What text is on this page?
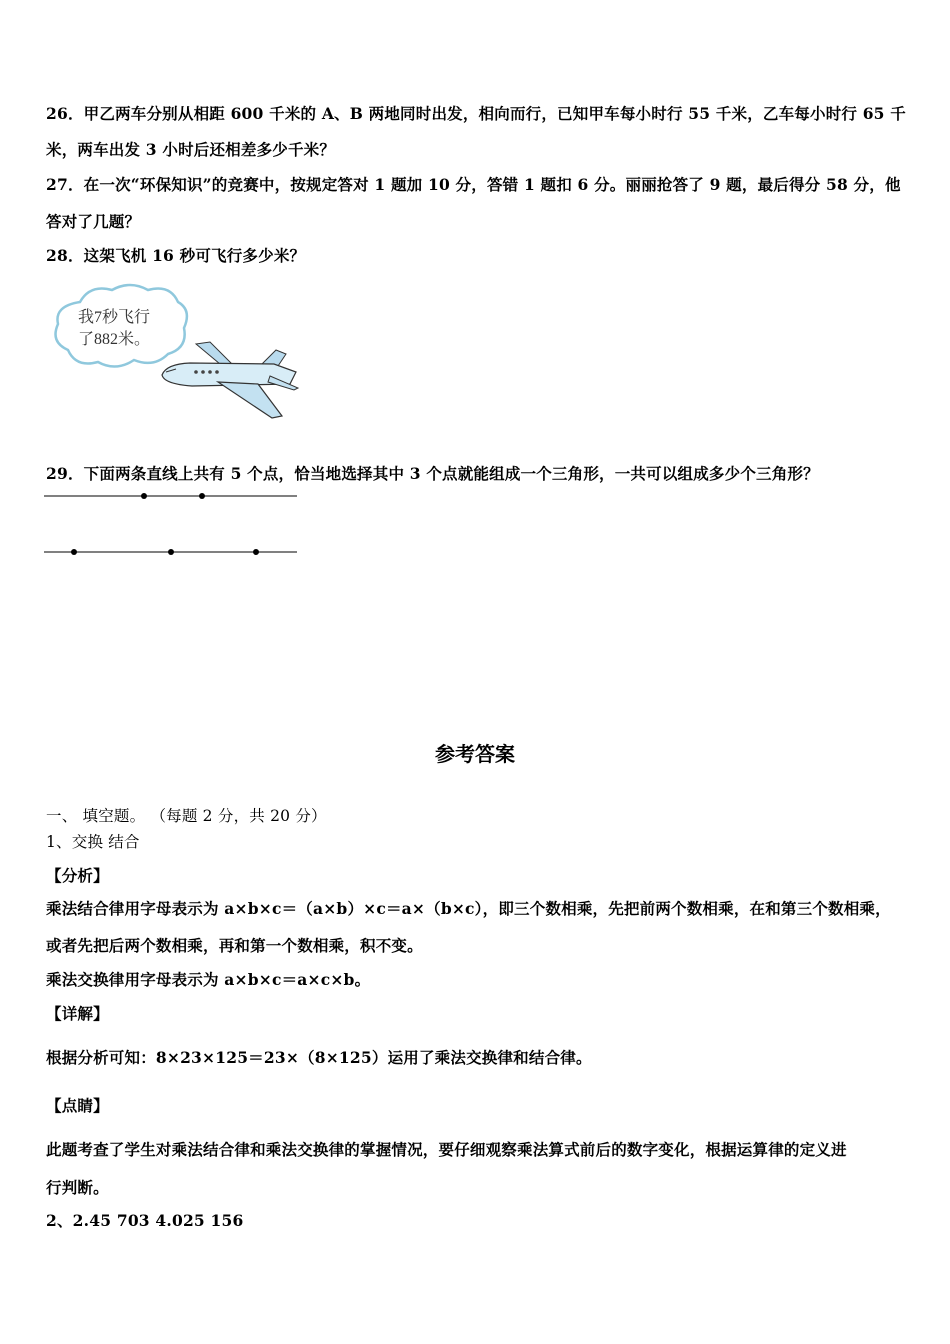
26．甲乙两车分别从相距 600 千米的 A、B 两地同时出发，相向而行，已知甲车每小时行 55 千米，乙车每小时行 65 千
米，两车出发 3 小时后还相差多少千米？
27．在一次“环保知识”的竞赛中，按规定答对 1 题加 10 分，答错 1 题扣 6 分。丽丽抢答了 9 题，最后得分 58 分，他
答对了几题？
28．这架飞机 16 秒可飞行多少米？
我7秒飞行
了882米。
29．下面两条直线上共有 5 个点，恰当地选择其中 3 个点就能组成一个三角形，一共可以组成多少个三角形？
参考答案
一、 填空题。 （每题 2 分，共 20 分）
1、交换 结合
【分析】
乘法结合律用字母表示为 a×b×c＝（a×b）×c＝a×（b×c），即三个数相乘，先把前两个数相乘，在和第三个数相乘，
或者先把后两个数相乘，再和第一个数相乘，积不变。
乘法交换律用字母表示为 a×b×c＝a×c×b。
【详解】
根据分析可知：8×23×125＝23×（8×125）运用了乘法交换律和结合律。
【点睛】
此题考查了学生对乘法结合律和乘法交换律的掌握情况，要仔细观察乘法算式前后的数字变化，根据运算律的定义进
行判断。
2、2.45 703 4.025 156
